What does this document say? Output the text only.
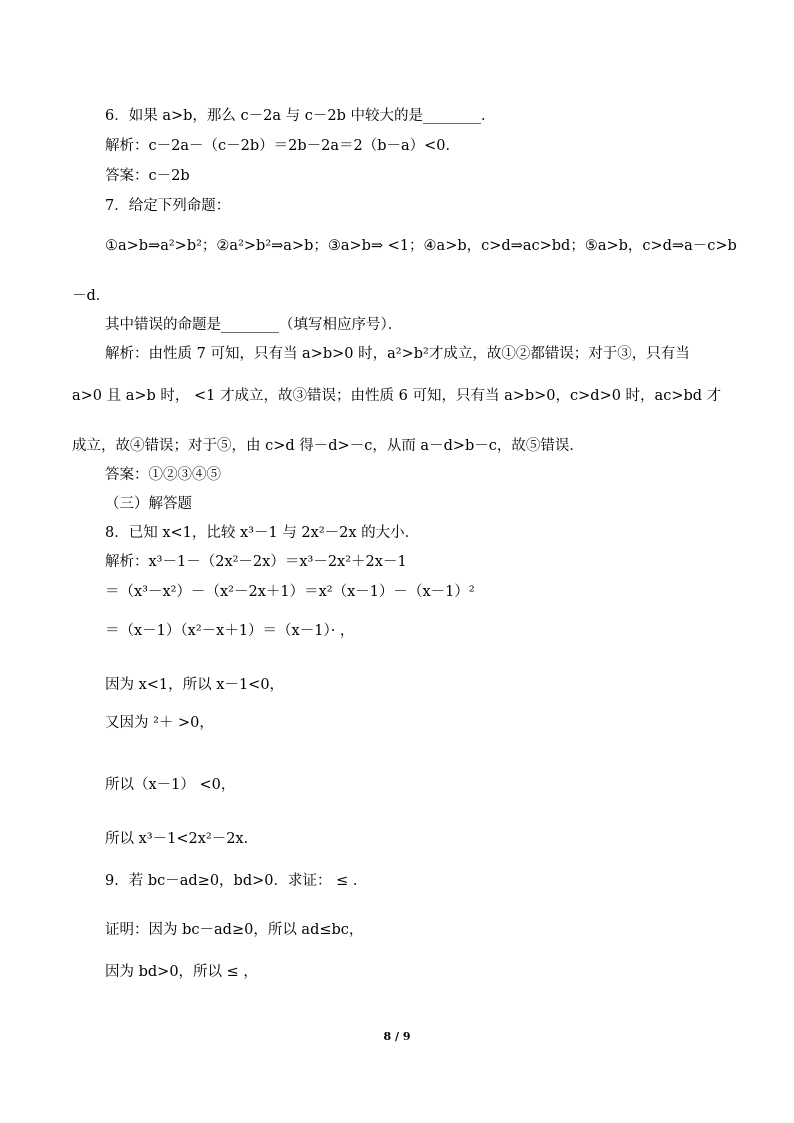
6．如果 a>b，那么 c－2a 与 c－2b 中较大的是________．
解析：c－2a－（c－2b）＝2b－2a＝2（b－a）<0．
答案：c－2b
7．给定下列命题：
①a>b⇒a²>b²；②a²>b²⇒a>b；③a>b⇒ <1；④a>b，c>d⇒ac>bd；⑤a>b，c>d⇒a－c>b
－d．
其中错误的命题是________（填写相应序号）．
解析：由性质 7 可知，只有当 a>b>0 时，a²>b²才成立，故①②都错误；对于③，只有当
a>0 且 a>b 时， <1 才成立，故③错误；由性质 6 可知，只有当 a>b>0，c>d>0 时，ac>bd 才
成立，故④错误；对于⑤，由 c>d 得－d>－c，从而 a－d>b－c，故⑤错误．
答案：①②③④⑤
（三）解答题
8．已知 x<1，比较 x³－1 与 2x²－2x 的大小．
解析：x³－1－（2x²－2x）＝x³－2x²＋2x－1
＝（x³－x²）－（x²－2x＋1）＝x²（x－1）－（x－1）²
＝（x－1）（x²－x＋1）＝（x－1）· ，
因为 x<1，所以 x－1<0，
又因为 ²＋ >0，
所以（x－1） <0，
所以 x³－1<2x²－2x．
9．若 bc－ad≥0，bd>0．求证： ≤ ．
证明：因为 bc－ad≥0，所以 ad≤bc，
因为 bd>0，所以 ≤ ，
8 / 9
